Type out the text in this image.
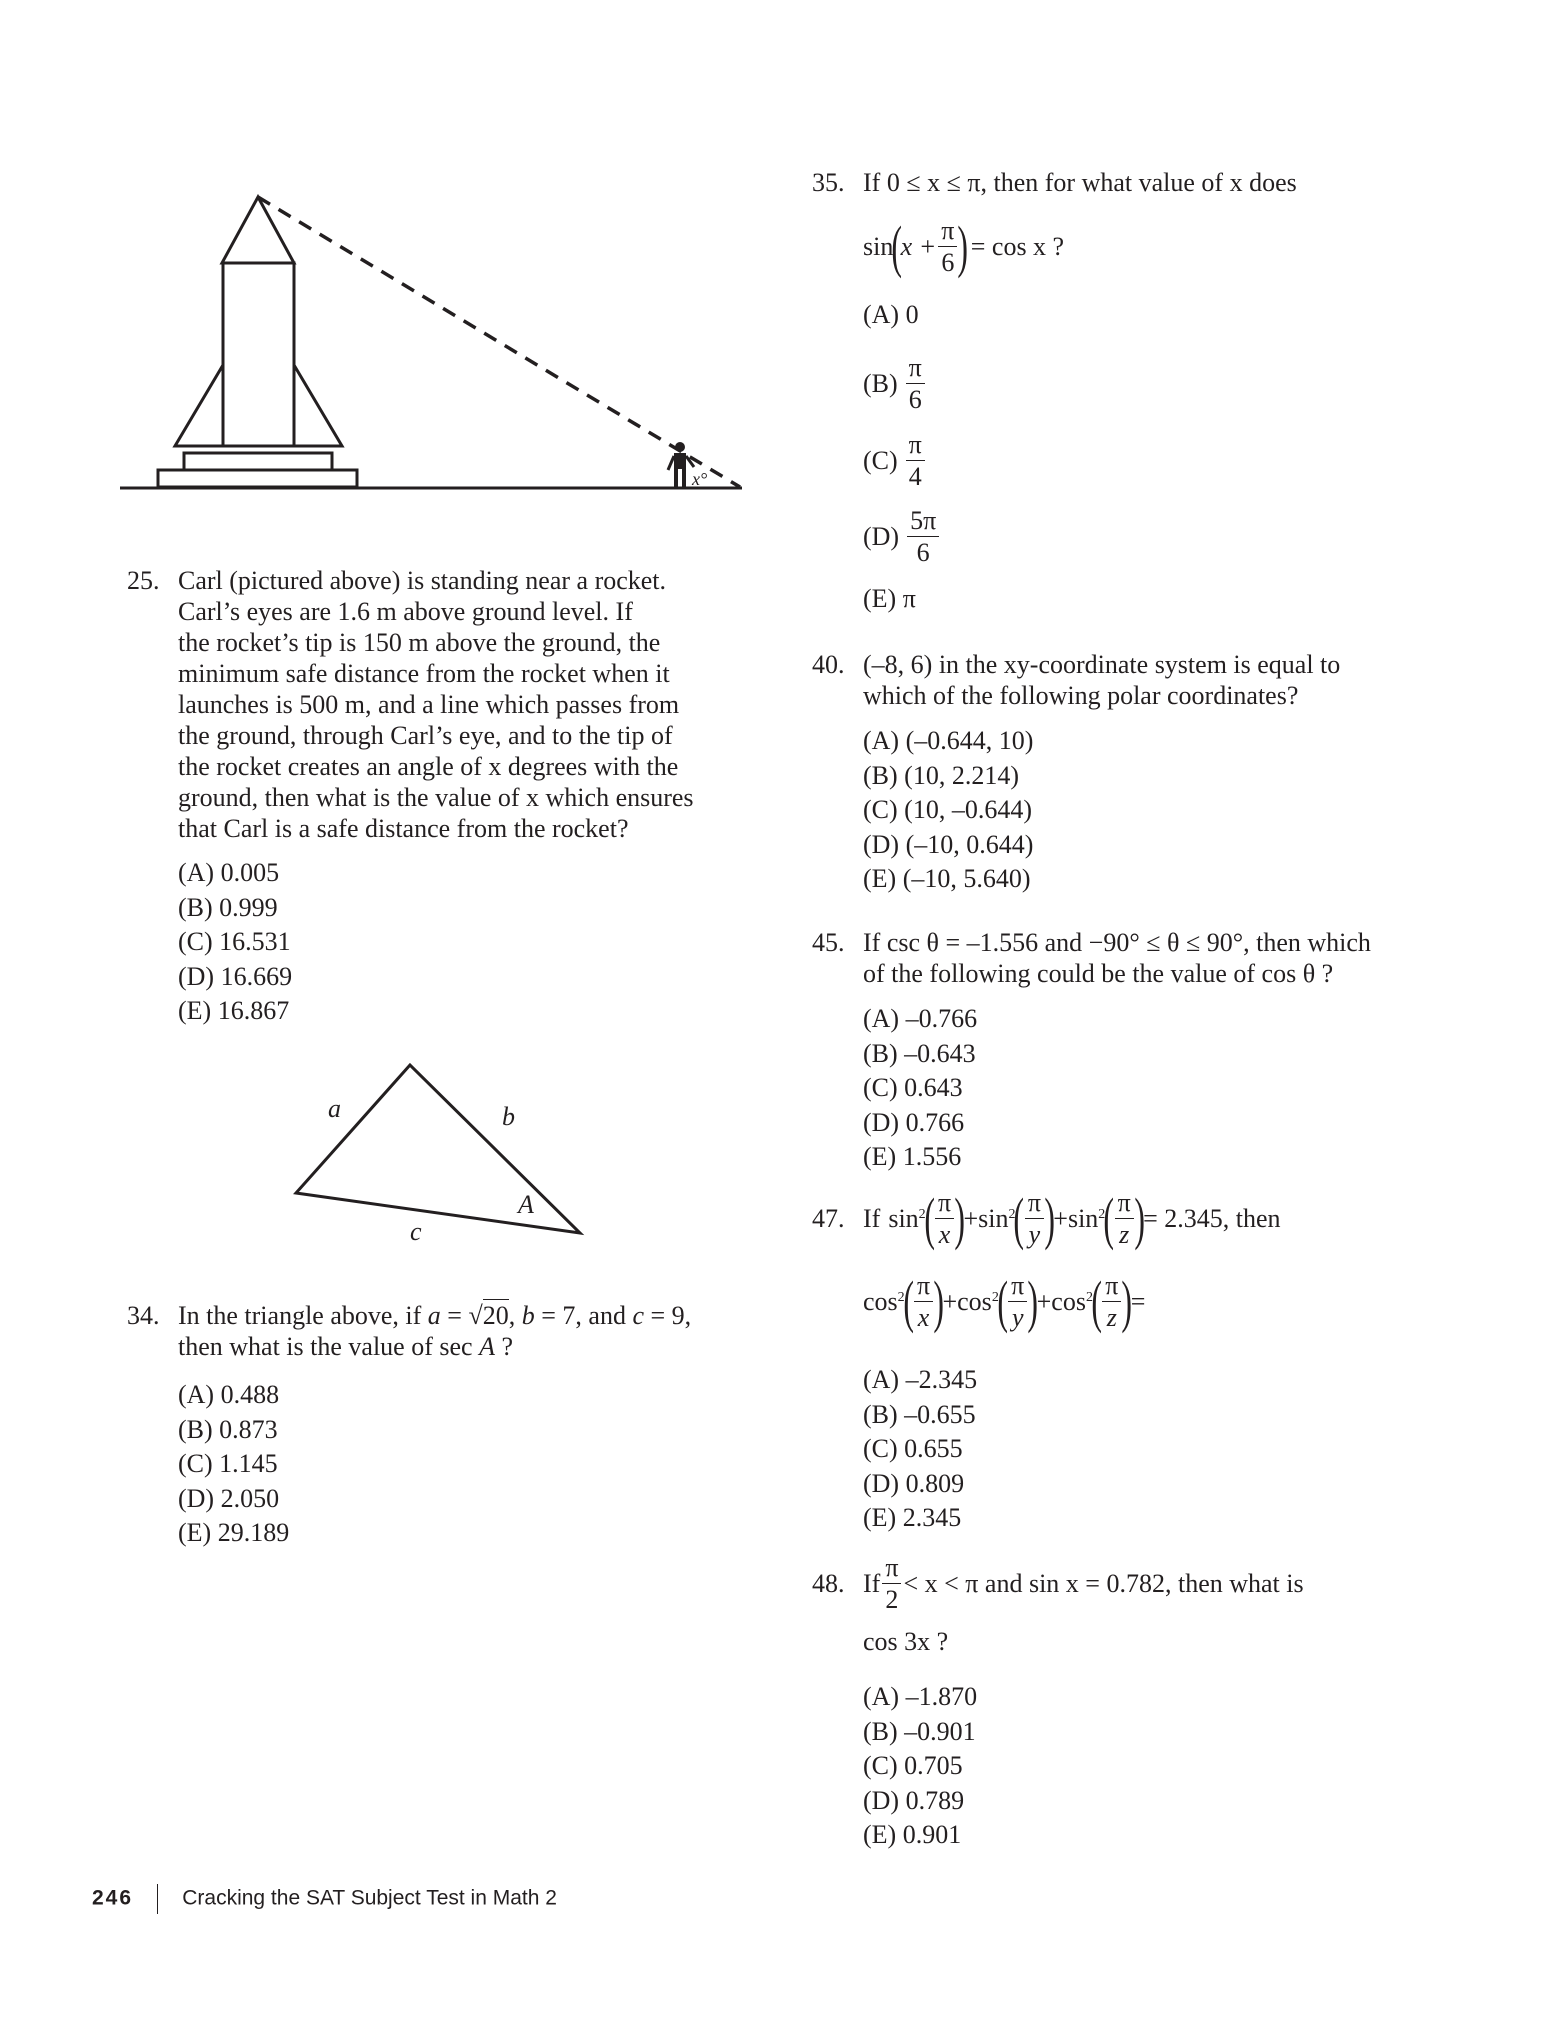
x°
25. Carl (pictured above) is standing near a rocket.
Carl’s eyes are 1.6 m above ground level. If
the rocket’s tip is 150 m above the ground, the
minimum safe distance from the rocket when it
launches is 500 m, and a line which passes from
the ground, through Carl’s eye, and to the tip of
the rocket creates an angle of x degrees with the
ground, then what is the value of x which ensures
that Carl is a safe distance from the rocket?
(A) 0.005
(B) 0.999
(C) 16.531
(D) 16.669
(E) 16.867
a	b
c
A
34. In the triangle above, if a = √20, b = 7, and c = 9,
then what is the value of sec A ?
(A) 0.488
(B) 0.873
(C) 1.145
(D) 2.050
(E) 29.189
35. If 0 ≤ x ≤ π, then for what value of x does
sin
(
$x + \frac{\pi}{6}$ ) = cos x ?
(A) 0
$(B) \frac{\pi}{6}$
$(C) \frac{\pi}{4}$
$(D) \frac{5\pi}{6}$
(E) π
40. (–8, 6) in the xy-coordinate system is equal to
which of the following polar coordinates?
(A) (–0.644, 10)
(B) (10, 2.214)
(C) (10, –0.644)
(D) (–10, 0.644)
(E) (–10, 5.640)
45. If csc θ = –1.556 and −90° ≤ θ ≤ 90°, then which
of the following could be the value of cos θ ?
(A) –0.766
(B) –0.643
(C) 0.643
(D) 0.766
(E) 1.556
47. If $\sin^2$
( $\frac{\pi}{x}$ )
+ $\sin^2$
( $\frac{\pi}{y}$ )
+ $\sin^2$
( $\frac{\pi}{z}$ )
= 2.345, then
$\cos^2$
( $\frac{\pi}{x}$ )
+ $\cos^2$
( $\frac{\pi}{y}$ )
+ $\cos^2$
( $\frac{\pi}{z}$ )
=
(A) –2.345
(B) –0.655
(C) 0.655
(D) 0.809
(E) 2.345
48. If $\frac{\pi}{2} < x < \pi$ and sin x = 0.782, then what is
cos 3x ?
(A) –1.870
(B) –0.901
(C) 0.705
(D) 0.789
(E) 0.901
246 Cracking the SAT Subject Test in Math 2
